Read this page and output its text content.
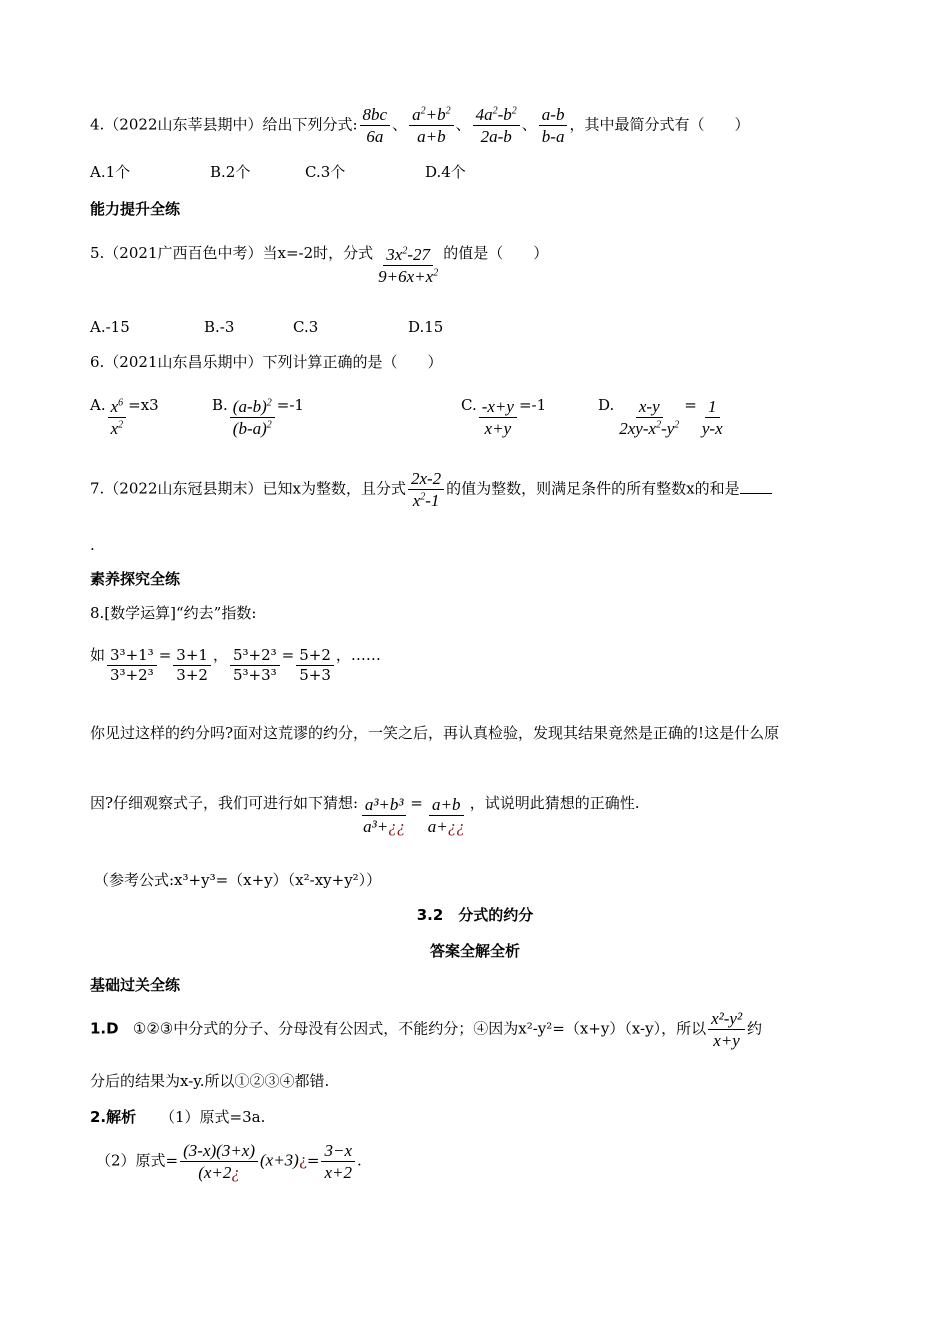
4.（2022山东莘县期中）给出下列分式: $\frac{8bc}{6a}$ 、 $\frac{a^2+b^2}{a+b}$ 、 $\frac{4a^2-b^2}{2a-b}$ 、 $\frac{a-b}{b-a}$ ，其中最简分式有（　　）
A.1个	B.2个	C.3个	D.4个
能力提升全练
5.（2021广西百色中考）当x=-2时，分式 $\frac{3x^2-27}{9+6x+x^2}$ 的值是（　　）
A.-15	B.-3	C.3	D.15
6.（2021山东昌乐期中）下列计算正确的是（　　）
A. $\frac{x^6}{x^2} =x3$	B. $\frac{(a-b)^2}{(b-a)^2} =-1$	C. $\frac{-x+y}{x+y} =-1$	D. $\frac{x-y}{2xy-x^2-y^2} = \frac{1}{y-x}$
7.（2022山东冠县期末）已知x为整数，且分式 $\frac{2x-2}{x^2-1}$ 的值为整数，则满足条件的所有整数x的和是
.
素养探究全练
8.[数学运算]“约去”指数:
如 $\frac{\text{3³+1³}}{\text{3³+2³}} = \frac{3+1}{3+2}$ ， $\frac{\text{5³+2³}}{\text{5³+3³}} = \frac{5+2}{5+3}$ ，……
你见过这样的约分吗?面对这荒谬的约分，一笑之后，再认真检验，发现其结果竟然是正确的!这是什么原
因?仔细观察式子，我们可进行如下猜想: $\frac{\text{a³+b³}}{\text{a³+¿¿}} = \frac{a+b}{a+¿¿}$ ，试说明此猜想的正确性.
（参考公式:x³+y³=（x+y）（x²-xy+y²））
3.2　分式的约分
答案全解全析
基础过关全练
1.D ①②③中分式的分子、分母没有公因式，不能约分；④因为x²-y²=（x+y）（x-y），所以 $\frac{\text{x²-y²}}{x+y}$ 约
分后的结果为x-y.所以①②③④都错.
2.解析 （1）原式=3a.
（2）原式= $\frac{(3-x)(3+x)}{(x+2¿}$ (x+3)¿= $\frac{3-x}{x+2}$ .
